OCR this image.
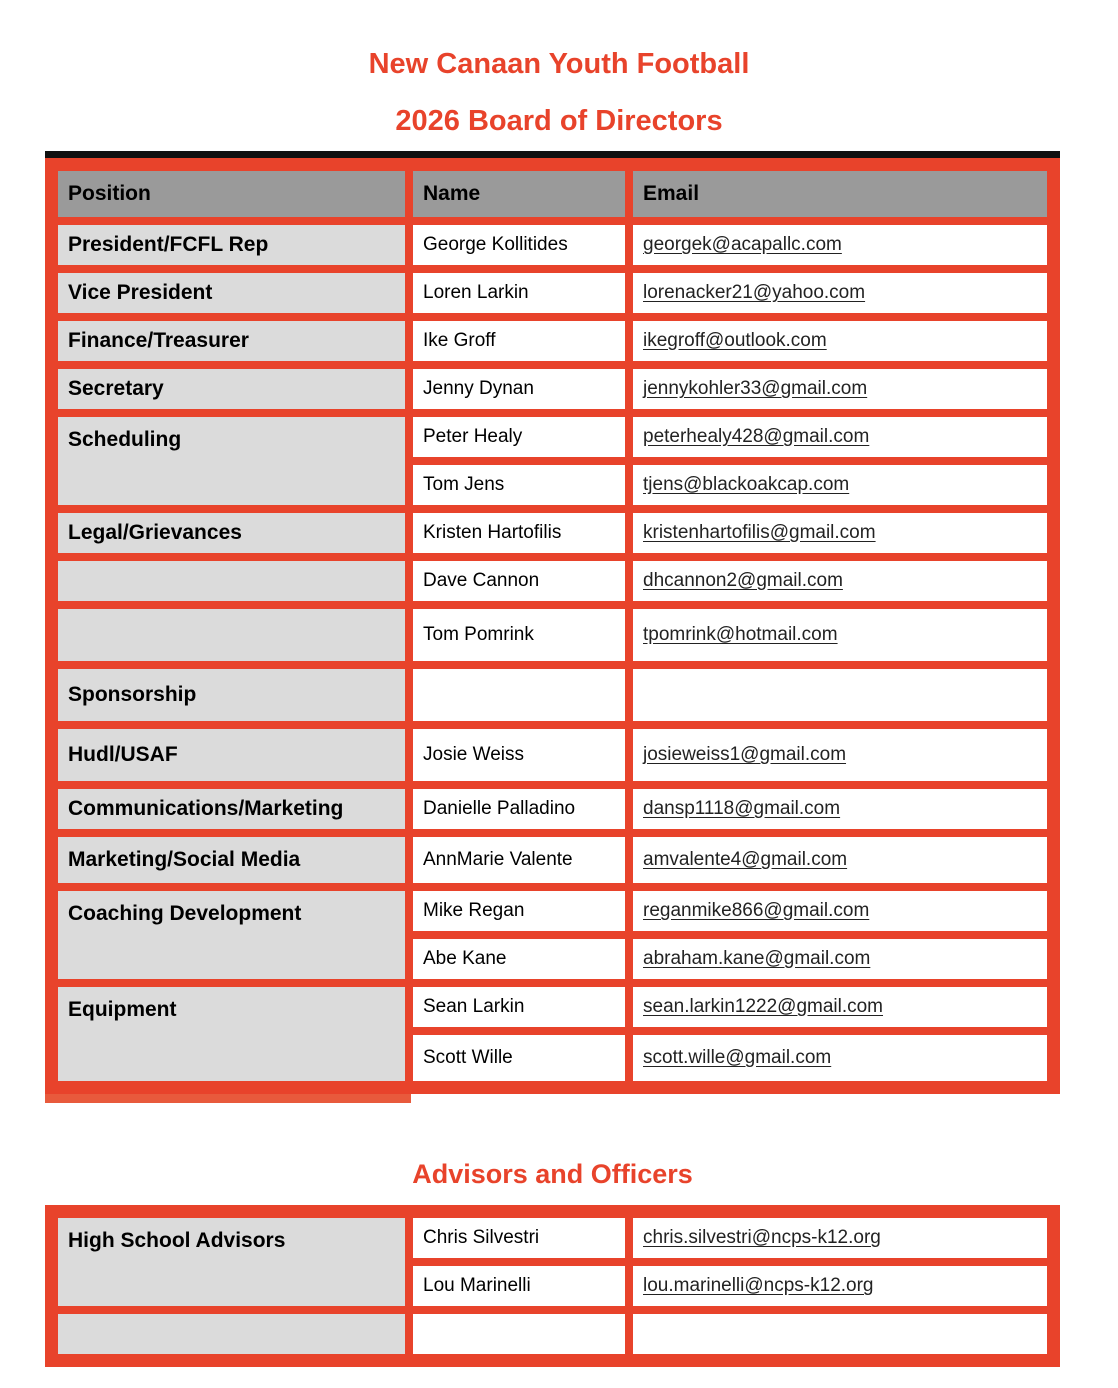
New Canaan Youth Football
2026 Board of Directors
Position	Name	Email
President/FCFL Rep	George Kollitides	georgek@acapallc.com
Vice President	Loren Larkin	lorenacker21@yahoo.com
Finance/Treasurer	Ike Groff	ikegroff@outlook.com
Secretary	Jenny Dynan	jennykohler33@gmail.com
Scheduling	Peter Healy	peterhealy428@gmail.com
	Tom Jens	tjens@blackoakcap.com
Legal/Grievances	Kristen Hartofilis	kristenhartofilis@gmail.com
	Dave Cannon	dhcannon2@gmail.com
	Tom Pomrink	tpomrink@hotmail.com
Sponsorship		
Hudl/USAF	Josie Weiss	josieweiss1@gmail.com
Communications/Marketing	Danielle Palladino	dansp1118@gmail.com
Marketing/Social Media	AnnMarie Valente	amvalente4@gmail.com
Coaching Development	Mike Regan	reganmike866@gmail.com
	Abe Kane	abraham.kane@gmail.com
Equipment	Sean Larkin	sean.larkin1222@gmail.com
	Scott Wille	scott.wille@gmail.com
Advisors and Officers
High School Advisors	Chris Silvestri	chris.silvestri@ncps-k12.org
	Lou Marinelli	lou.marinelli@ncps-k12.org
